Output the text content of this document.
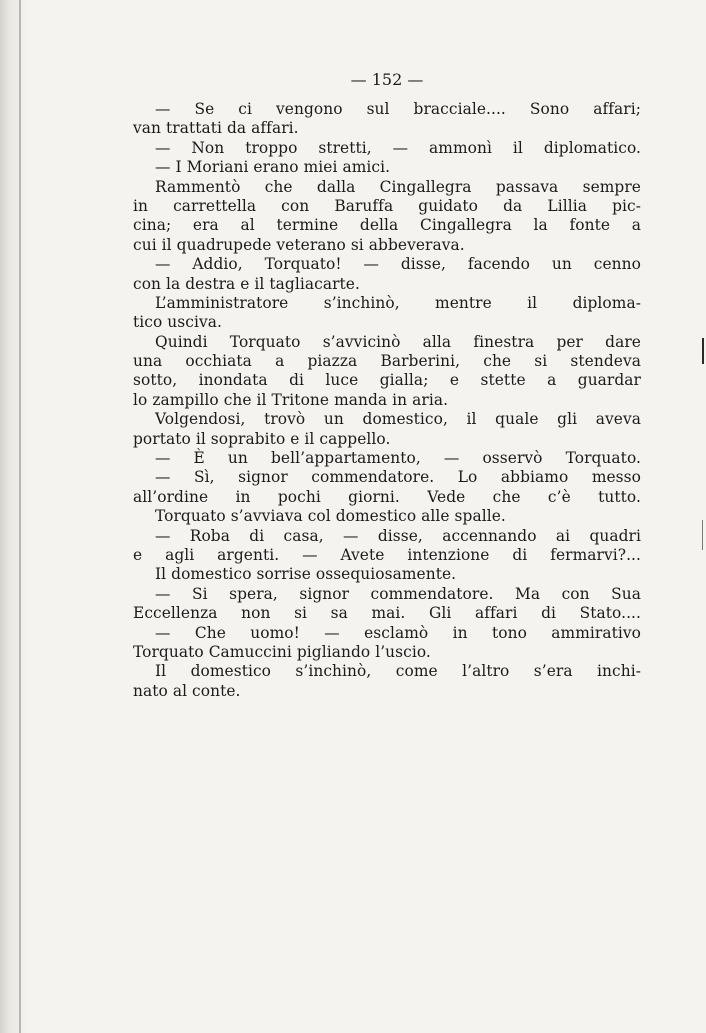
— 152 —
— Se ci vengono sul bracciale.... Sono affari;
van trattati da affari.
— Non troppo stretti, — ammonì il diplomatico.
— I Moriani erano miei amici.
Rammentò che dalla Cingallegra passava sempre
in carrettella con Baruffa guidato da Lillia pic-
cina; era al termine della Cingallegra la fonte a
cui il quadrupede veterano si abbeverava.
— Addio, Torquato! — disse, facendo un cenno
con la destra e il tagliacarte.
L’amministratore s’inchinò, mentre il diploma-
tico usciva.
Quindi Torquato s’avvicinò alla finestra per dare
una occhiata a piazza Barberini, che si stendeva
sotto, inondata di luce gialla; e stette a guardar
lo zampillo che il Tritone manda in aria.
Volgendosi, trovò un domestico, il quale gli aveva
portato il soprabito e il cappello.
— È un bell’appartamento, — osservò Torquato.
— Sì, signor commendatore. Lo abbiamo messo
all’ordine in pochi giorni. Vede che c’è tutto.
Torquato s’avviava col domestico alle spalle.
— Roba di casa, — disse, accennando ai quadri
e agli argenti. — Avete intenzione di fermarvi?...
Il domestico sorrise ossequiosamente.
— Si spera, signor commendatore. Ma con Sua
Eccellenza non si sa mai. Gli affari di Stato....
— Che uomo! — esclamò in tono ammirativo
Torquato Camuccini pigliando l’uscio.
Il domestico s’inchinò, come l’altro s’era inchi-
nato al conte.
